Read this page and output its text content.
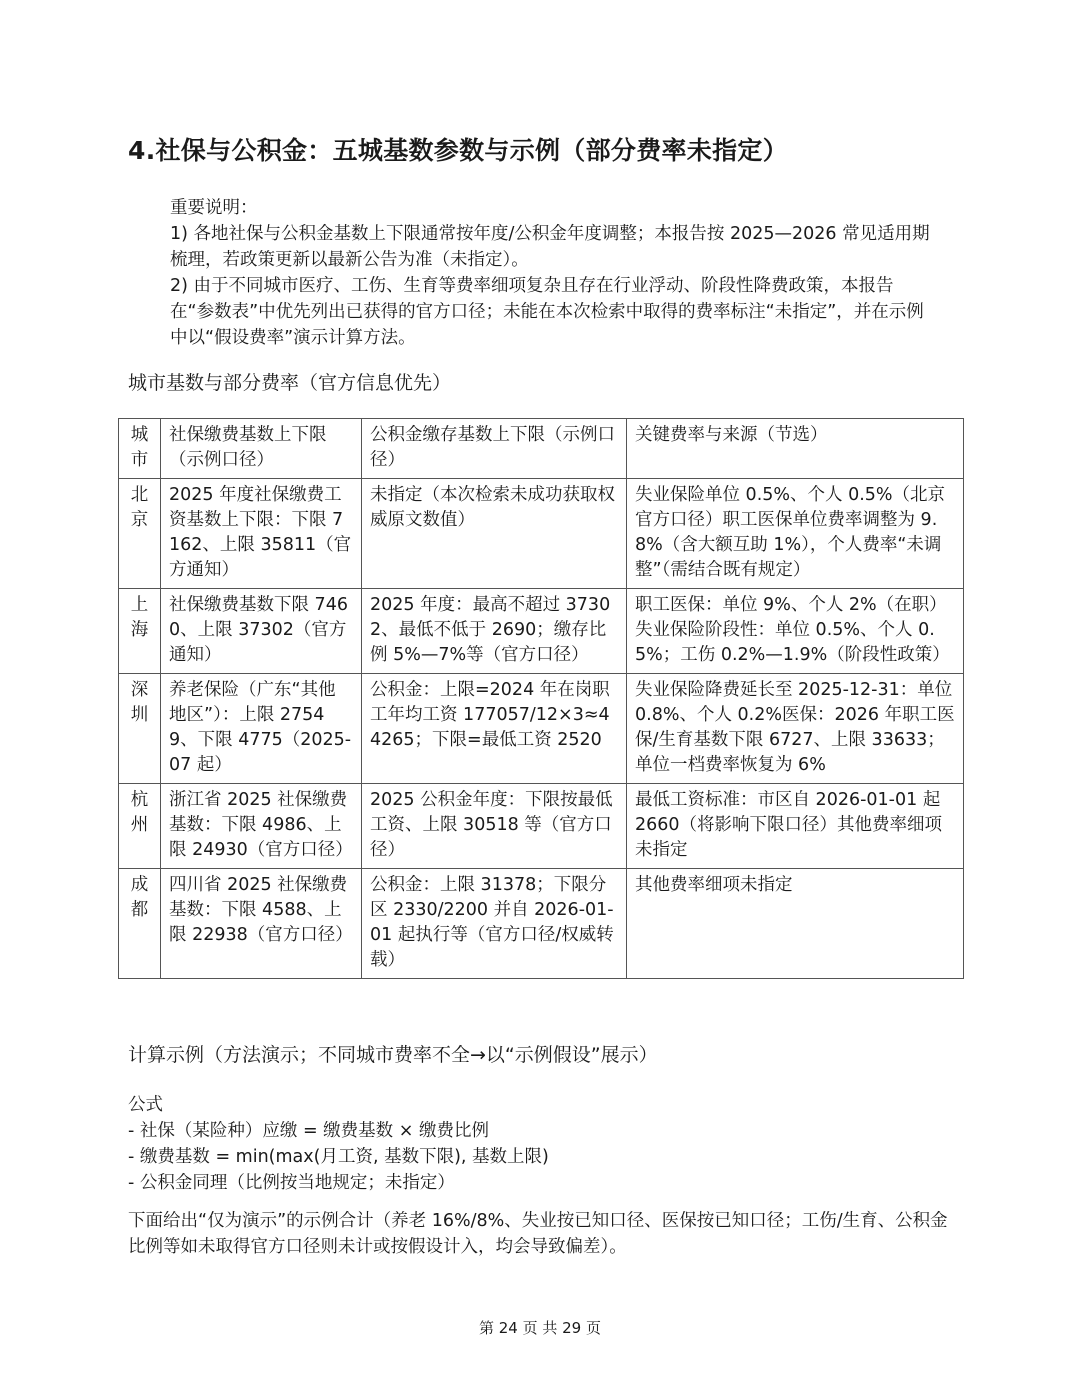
4.社保与公积金：五城基数参数与示例（部分费率未指定）

重要说明：

1) 各地社保与公积金基数上下限通常按年度/公积金年度调整；本报告按 2025—2026 常见适用期梳理，若政策更新以最新公告为准（未指定）。

2) 由于不同城市医疗、工伤、生育等费率细项复杂且存在行业浮动、阶段性降费政策，本报告在“参数表”中优先列出已获得的官方口径；未能在本次检索中取得的费率标注“未指定”，并在示例中以“假设费率”演示计算方法。

城市基数与部分费率（官方信息优先）
城市	社保缴费基数上下限（示例口径）	公积金缴存基数上下限（示例口径）	关键费率与来源（节选）
北京	2025 年度社保缴费工资基数上下限：下限 7162、上限 35811（官方通知）	未指定（本次检索未成功获取权威原文数值）	失业保险单位 0.5%、个人 0.5%（北京官方口径）职工医保单位费率调整为 9.8%（含大额互助 1%），个人费率“未调整”（需结合既有规定）
上海	社保缴费基数下限 7460、上限 37302（官方通知）	2025 年度：最高不超过 37302、最低不低于 2690；缴存比例 5%—7%等（官方口径）	职工医保：单位 9%、个人 2%（在职）失业保险阶段性：单位 0.5%、个人 0.5%；工伤 0.2%—1.9%（阶段性政策）
深圳	养老保险（广东“其他地区”）：上限 27549、下限 4775（2025-07 起）	公积金：上限=2024 年在岗职工年均工资 177057/12×3≈44265；下限=最低工资 2520	失业保险降费延长至 2025-12-31：单位 0.8%、个人 0.2%医保：2026 年职工医保/生育基数下限 6727、上限 33633；单位一档费率恢复为 6%
杭州	浙江省 2025 社保缴费基数：下限 4986、上限 24930（官方口径）	2025 公积金年度：下限按最低工资、上限 30518 等（官方口径）	最低工资标准：市区自 2026-01-01 起 2660（将影响下限口径）其他费率细项未指定
成都	四川省 2025 社保缴费基数：下限 4588、上限 22938（官方口径）	公积金：上限 31378；下限分区 2330/2200 并自 2026-01-01 起执行等（官方口径/权威转载）	其他费率细项未指定
计算示例（方法演示；不同城市费率不全→以“示例假设”展示）

公式

- 社保（某险种）应缴 = 缴费基数 × 缴费比例

- 缴费基数 = min(max(月工资, 基数下限), 基数上限)

- 公积金同理（比例按当地规定；未指定）

下面给出“仅为演示”的示例合计（养老 16%/8%、失业按已知口径、医保按已知口径；工伤/生育、公积金比例等如未取得官方口径则未计或按假设计入，均会导致偏差）。
第 24 页 共 29 页
